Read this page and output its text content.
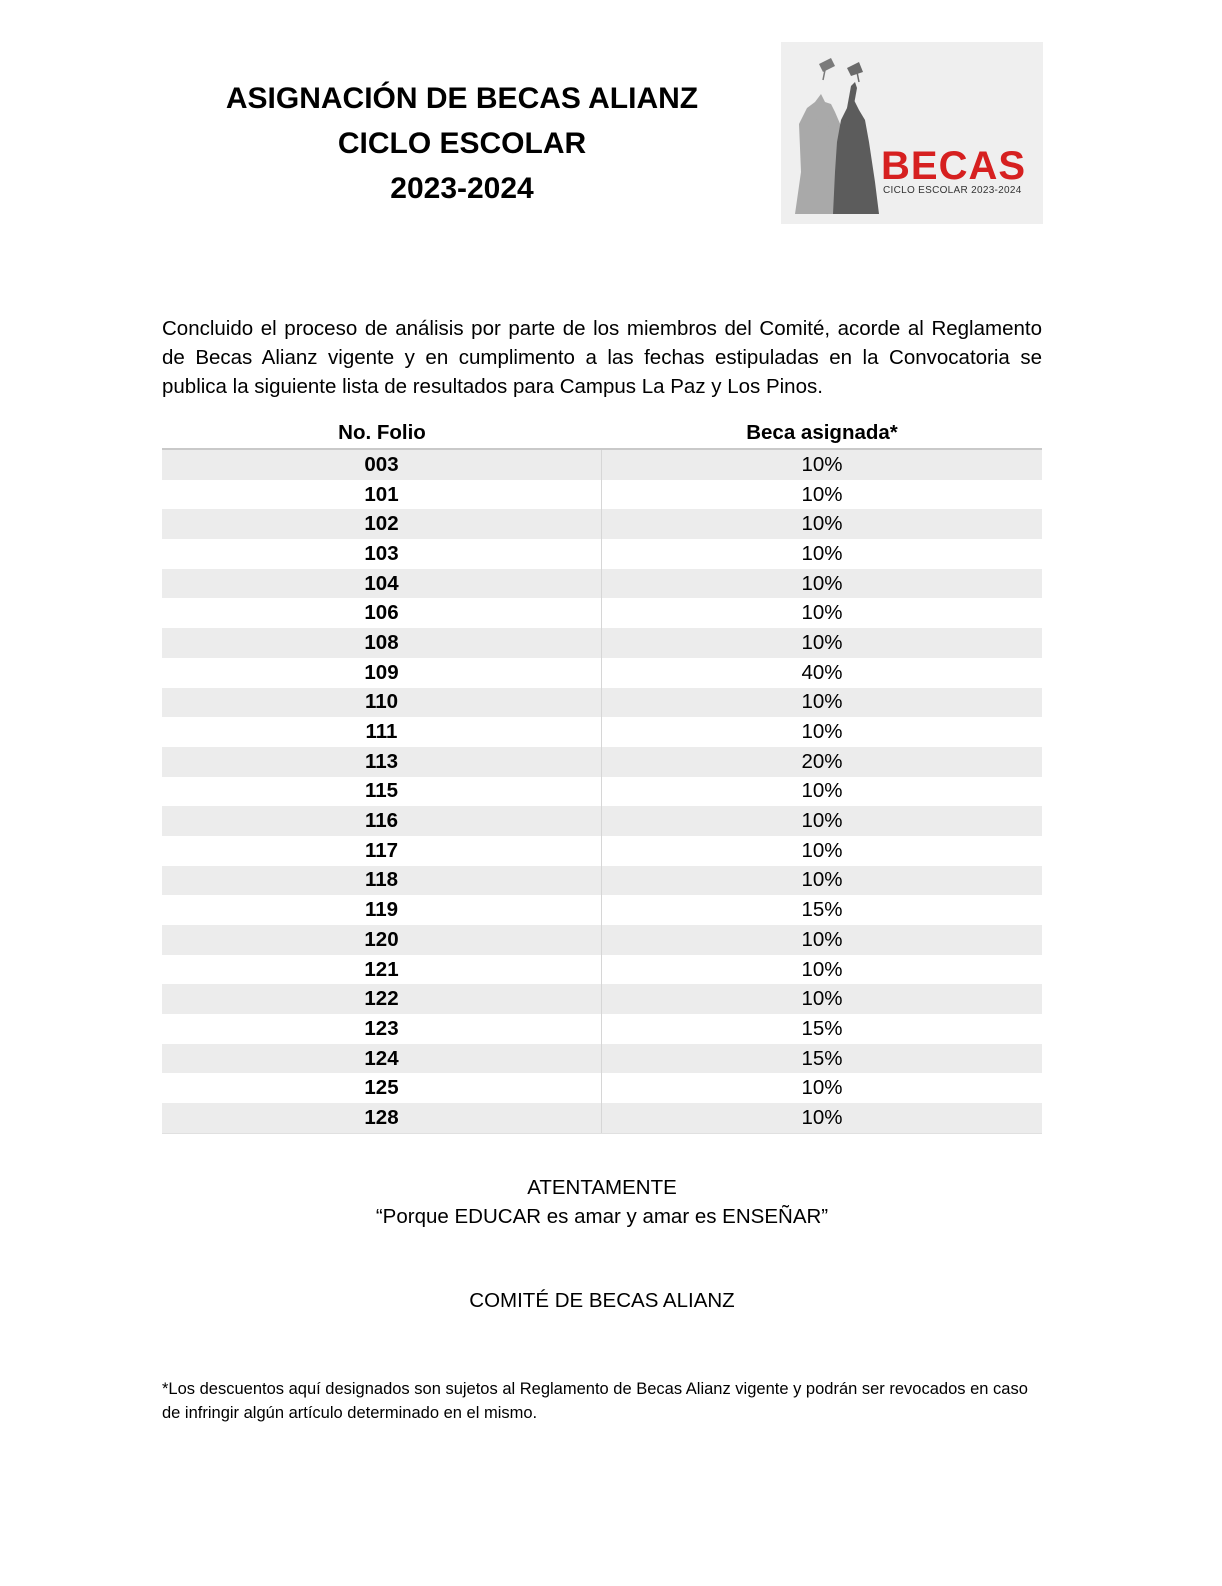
ASIGNACIÓN DE BECAS ALIANZ
CICLO ESCOLAR
2023-2024
BECAS
CICLO ESCOLAR 2023-2024

Concluido el proceso de análisis por parte de los miembros del Comité, acorde al Reglamento de Becas Alianz vigente y en cumplimento a las fechas estipuladas en la Convocatoria se publica la siguiente lista de resultados para Campus La Paz y Los Pinos.

No. Folio	Beca asignada*
003	10%
101	10%
102	10%
103	10%
104	10%
106	10%
108	10%
109	40%
110	10%
111	10%
113	20%
115	10%
116	10%
117	10%
118	10%
119	15%
120	10%
121	10%
122	10%
123	15%
124	15%
125	10%
128	10%
ATENTAMENTE
“Porque EDUCAR es amar y amar es ENSEÑAR”
COMITÉ DE BECAS ALIANZ
*Los descuentos aquí designados son sujetos al Reglamento de Becas Alianz vigente y podrán ser revocados en caso de infringir algún artículo determinado en el mismo.
